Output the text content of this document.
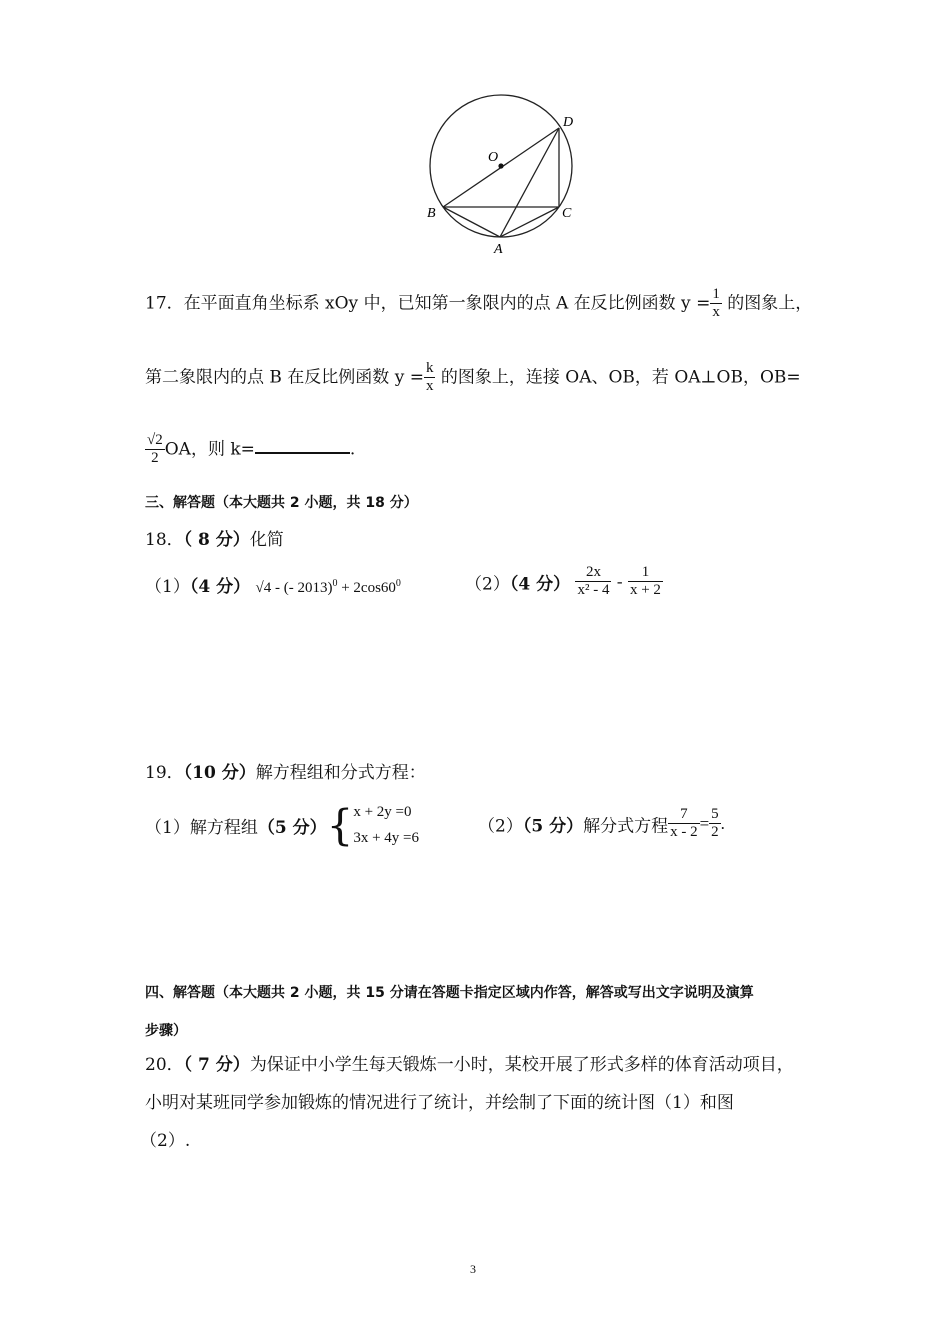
O
D
B	C
A
17．在平面直角坐标系 xOy 中，已知第一象限内的点 A 在反比例函数 $y = \frac{1}{x}$ 的图象上，
第二象限内的点 B 在反比例函数 $y = \frac{k}{x}$ 的图象上，连接 OA、OB，若 OA⊥OB，OB=
$\frac{√2}{2}$ OA，则 k=	.
三、解答题（本大题共 2 小题，共 18 分）
18．（ 8 分）化简
（1）（4 分） √4 - (- $2013)^0 + 2\cos 60^0$	（2）（4 分） $\frac{2x}{\text{x² - 4}} - \frac{1}{x + 2}$
19．（10 分）解方程组和分式方程：
（1）解方程组（5 分）{ x + 2y =0
3x + 4y =6
（2）（5 分）解分式方程 $\frac{7}{x - 2} = \frac{5}{2}$ .
四、解答题（本大题共 2 小题，共 15 分请在答题卡指定区域内作答，解答或写出文字说明及演算
步骤）
20．（ 7 分）为保证中小学生每天锻炼一小时，某校开展了形式多样的体育活动项目，
小明对某班同学参加锻炼的情况进行了统计，并绘制了下面的统计图（1）和图
（2）.
3
